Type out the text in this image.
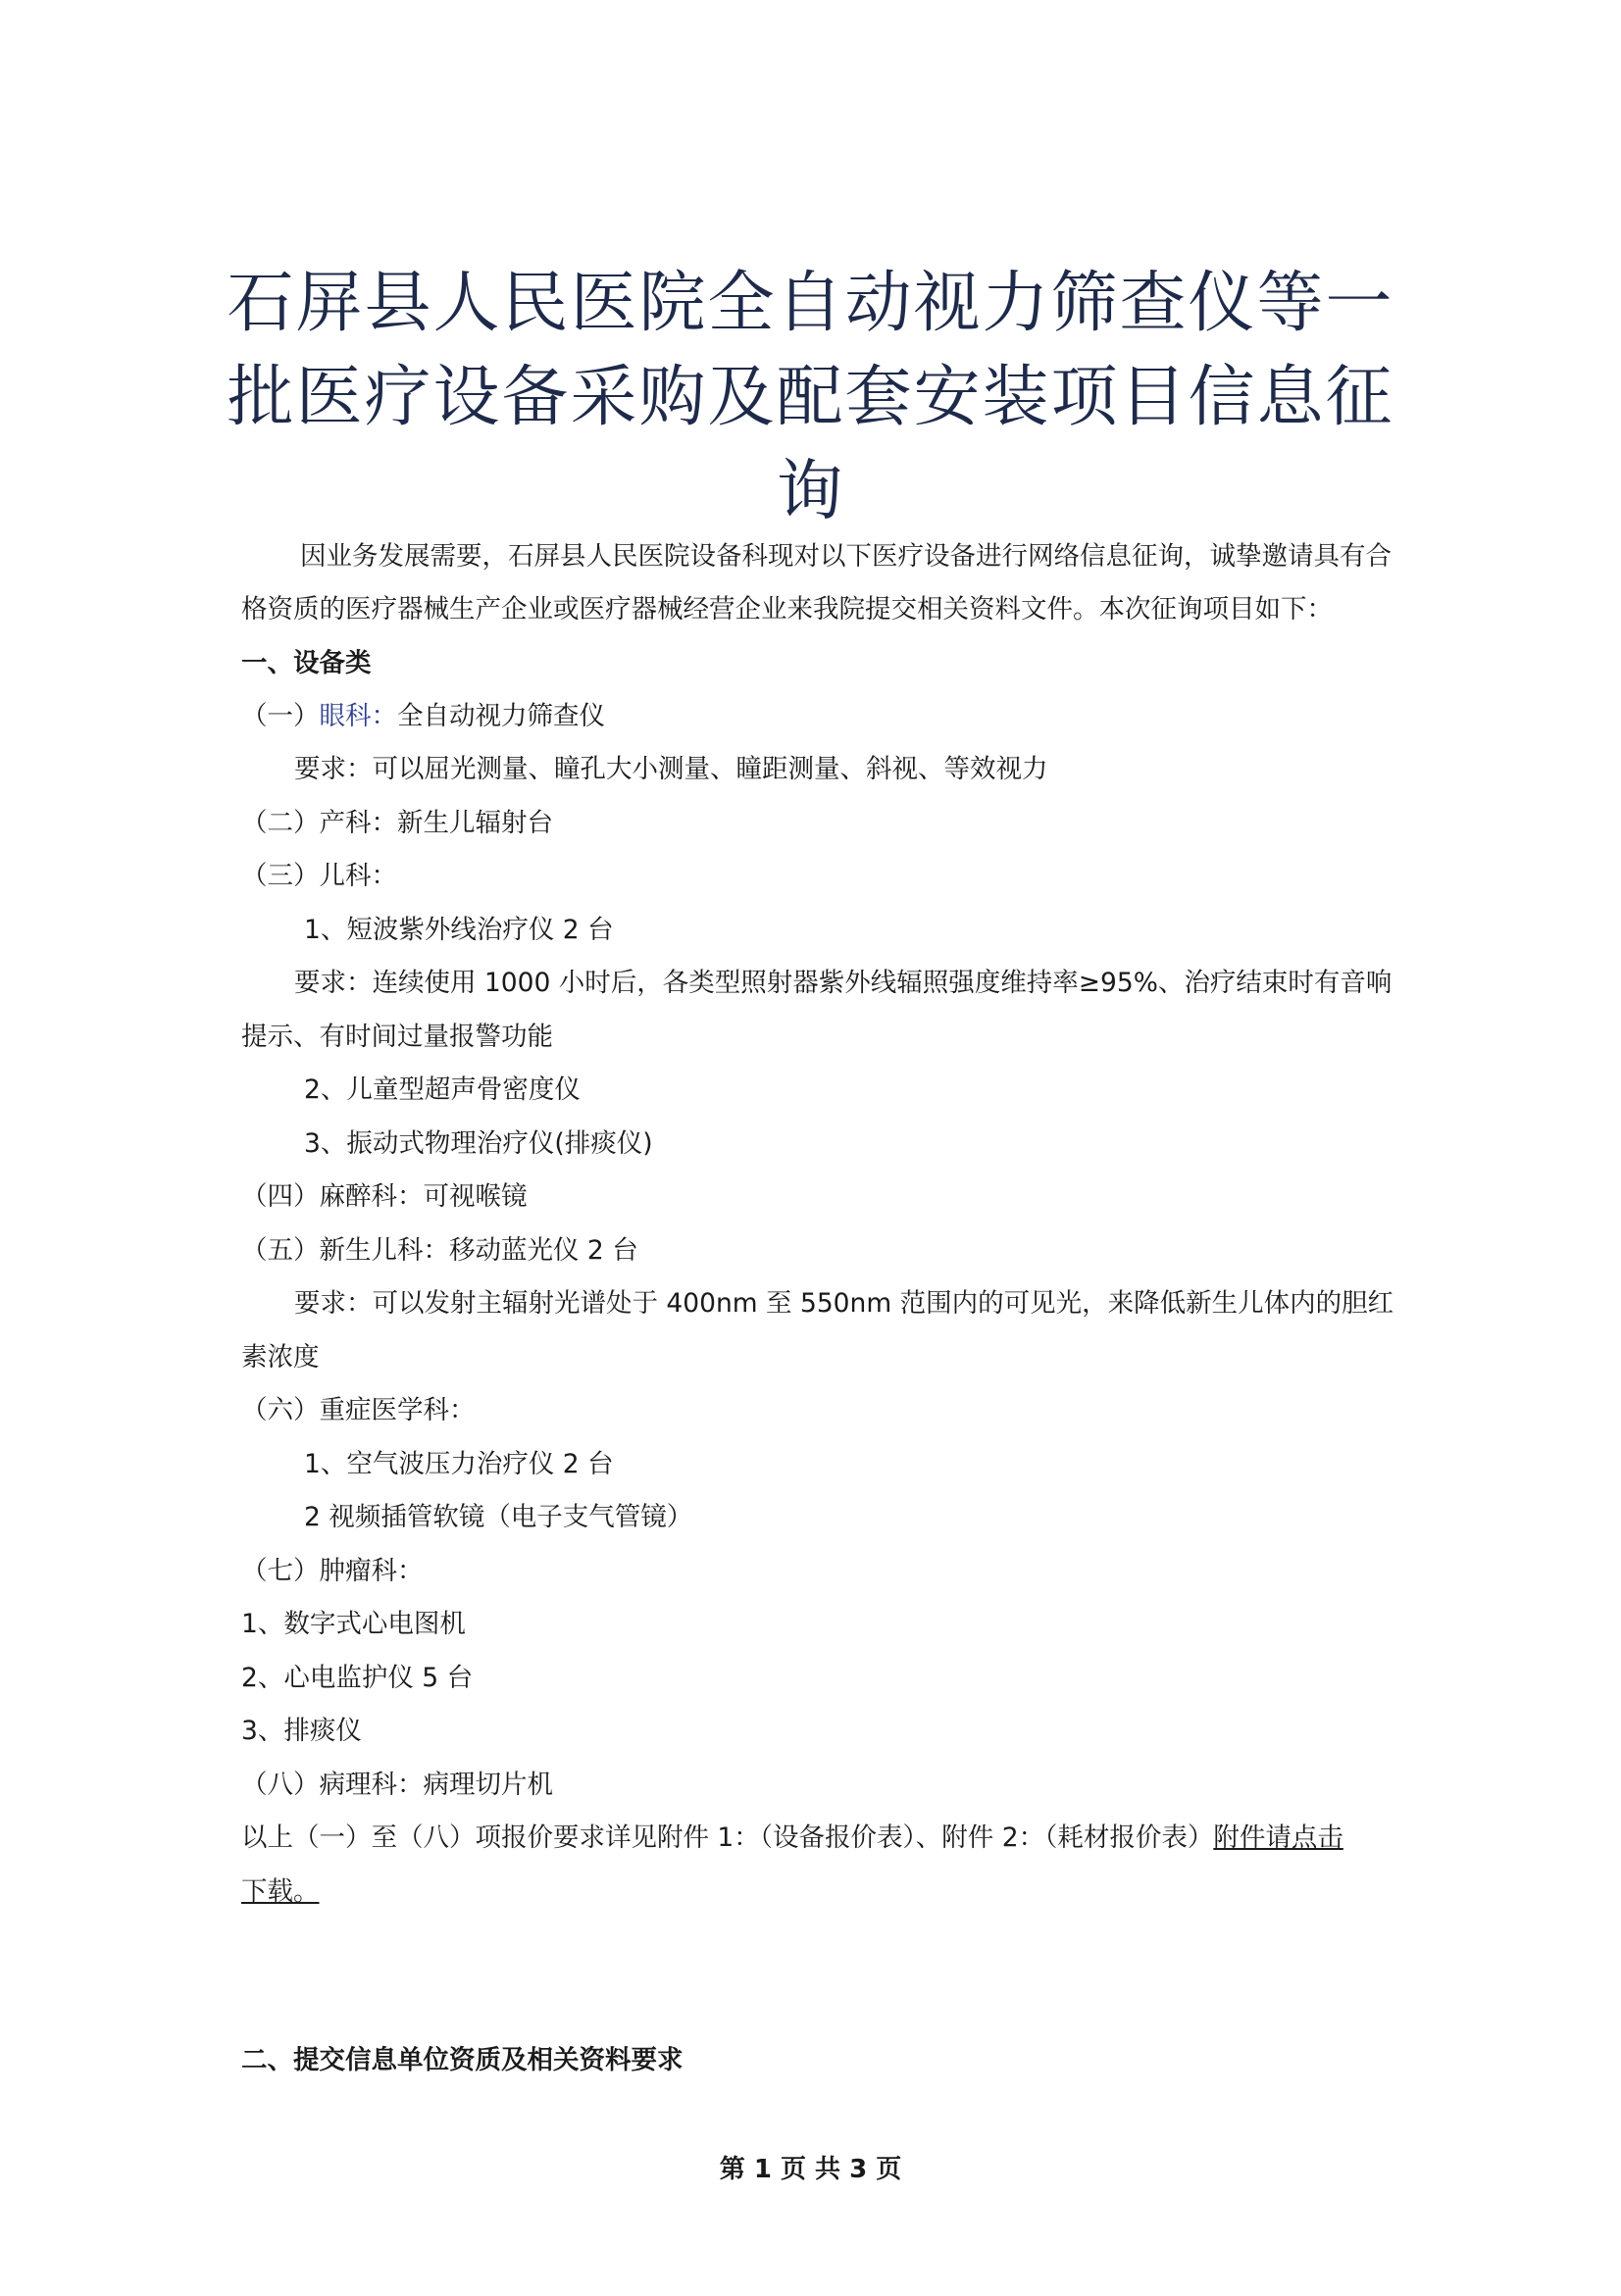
石屏县人民医院全自动视力筛查仪等一
批医疗设备采购及配套安装项目信息征
询
因业务发展需要，石屏县人民医院设备科现对以下医疗设备进行网络信息征询，诚挚邀请具有合
格资质的医疗器械生产企业或医疗器械经营企业来我院提交相关资料文件。本次征询项目如下：
一、设备类
（一）眼科：全自动视力筛查仪
要求：可以屈光测量、瞳孔大小测量、瞳距测量、斜视、等效视力
（二）产科：新生儿辐射台
（三）儿科：
1、短波紫外线治疗仪 2 台
要求：连续使用 1000 小时后，各类型照射器紫外线辐照强度维持率≥95%、治疗结束时有音响
提示、有时间过量报警功能
2、儿童型超声骨密度仪
3、振动式物理治疗仪(排痰仪)
（四）麻醉科：可视喉镜
（五）新生儿科：移动蓝光仪 2 台
要求：可以发射主辐射光谱处于 400nm 至 550nm 范围内的可见光，来降低新生儿体内的胆红
素浓度
（六）重症医学科：
1、空气波压力治疗仪 2 台
2 视频插管软镜（电子支气管镜）
（七）肿瘤科：
1、数字式心电图机
2、心电监护仪 5 台
3、排痰仪
（八）病理科：病理切片机
以上（一）至（八）项报价要求详见附件 1：（设备报价表）、附件 2：（耗材报价表）附件请点击
下载。
二、提交信息单位资质及相关资料要求
第 1 页 共 3 页
